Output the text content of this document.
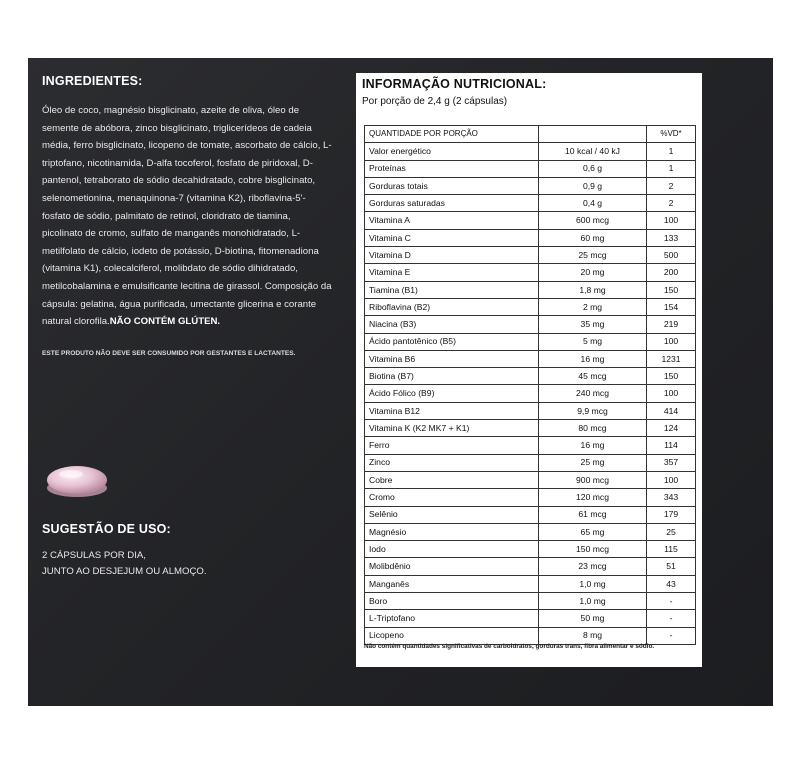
INGREDIENTES:

Óleo de coco, magnésio bisglicinato, azeite de oliva, óleo de semente de abóbora, zinco bisglicinato, triglicerídeos de cadeia média, ferro bisglicinato, licopeno de tomate, ascorbato de cálcio, L-triptofano, nicotinamida, D-alfa tocoferol, fosfato de piridoxal, D-pantenol, tetraborato de sódio decahidratado, cobre bisglicinato, selenometionina, menaquinona-7 (vitamina K2), riboflavina-5'-fosfato de sódio, palmitato de retinol, cloridrato de tiamina, picolinato de cromo, sulfato de manganês monohidratado, L-metilfolato de cálcio, iodeto de potássio, D-biotina, fitomenadiona (vitamina K1), colecalciferol, molibdato de sódio dihidratado, metilcobalamina e emulsificante lecitina de girassol. Composição da cápsula: gelatina, água purificada, umectante glicerina e corante natural clorofila.NÃO CONTÉM GLÚTEN.

ESTE PRODUTO NÃO DEVE SER CONSUMIDO POR GESTANTES E LACTANTES.
SUGESTÃO DE USO:
2 CÁPSULAS POR DIA,
JUNTO AO DESJEJUM OU ALMOÇO.
INFORMAÇÃO NUTRICIONAL:
Por porção de 2,4 g (2 cápsulas)
QUANTIDADE POR PORÇÃO		%VD*
Valor energético	10 kcal / 40 kJ	1
Proteínas	0,6 g	1
Gorduras totais	0,9 g	2
Gorduras saturadas	0,4 g	2
Vitamina A	600 mcg	100
Vitamina C	60 mg	133
Vitamina D	25 mcg	500
Vitamina E	20 mg	200
Tiamina (B1)	1,8 mg	150
Riboflavina (B2)	2 mg	154
Niacina (B3)	35 mg	219
Ácido pantotênico (B5)	5 mg	100
Vitamina B6	16 mg	1231
Biotina (B7)	45 mcg	150
Ácido Fólico (B9)	240 mcg	100
Vitamina B12	9,9 mcg	414
Vitamina K (K2 MK7 + K1)	80 mcg	124
Ferro	16 mg	114
Zinco	25 mg	357
Cobre	900 mcg	100
Cromo	120 mcg	343
Selênio	61 mcg	179
Magnésio	65 mg	25
Iodo	150 mcg	115
Molibdênio	23 mcg	51
Manganês	1,0 mg	43
Boro	1,0 mg	-
L-Triptofano	50 mg	-
Licopeno	8 mg	-
Não contém quantidades significativas de carboidratos, gorduras trans, fibra alimentar e sódio.
